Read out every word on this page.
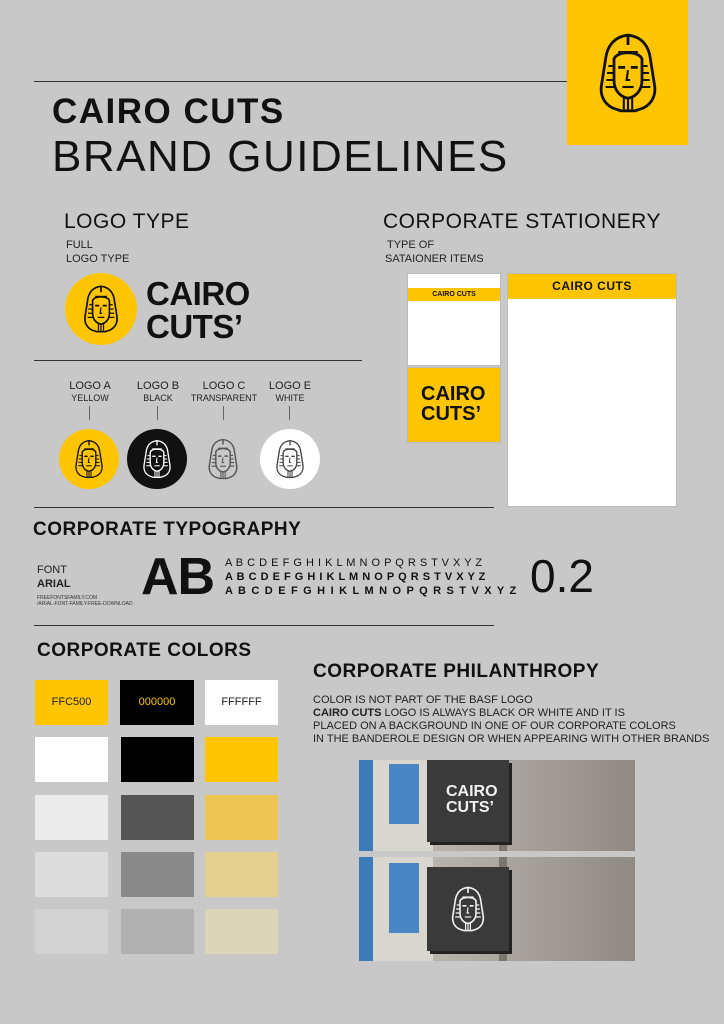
CAIRO CUTS
BRAND GUIDELINES
LOGO TYPE
FULL
LOGO TYPE
CAIRO
CUTS’
LOGO A
YELLOW
LOGO B
BLACK
LOGO C
TRANSPARENT
LOGO E
WHITE
CORPORATE STATIONERY
TYPE OF
SATAIONER ITEMS
CAIRO CUTS
CAIRO
CUTS’
CAIRO CUTS
CORPORATE TYPOGRAPHY
FONT
ARIAL
FREEFONTSFAMILY.COM
/ARIAL-FONT-FAMILY-FREE-DOWNLOAD AB A B C D E F G H I K L M N O P Q R S T V X Y Z
A B C D E F G H I K L M N O P Q R S T V X Y Z
A B C D E F G H I K L M N O P Q R S T V X Y Z 0.2
CORPORATE COLORS
FFC500	000000	FFFFFF
CORPORATE PHILANTHROPY
COLOR IS NOT PART OF THE BASF LOGO
CAIRO CUTS LOGO IS ALWAYS BLACK OR WHITE AND IT IS
PLACED ON A BACKGROUND IN ONE OF OUR CORPORATE COLORS
IN THE BANDEROLE DESIGN OR WHEN APPEARING WITH OTHER BRANDS
CAIRO
CUTS’
